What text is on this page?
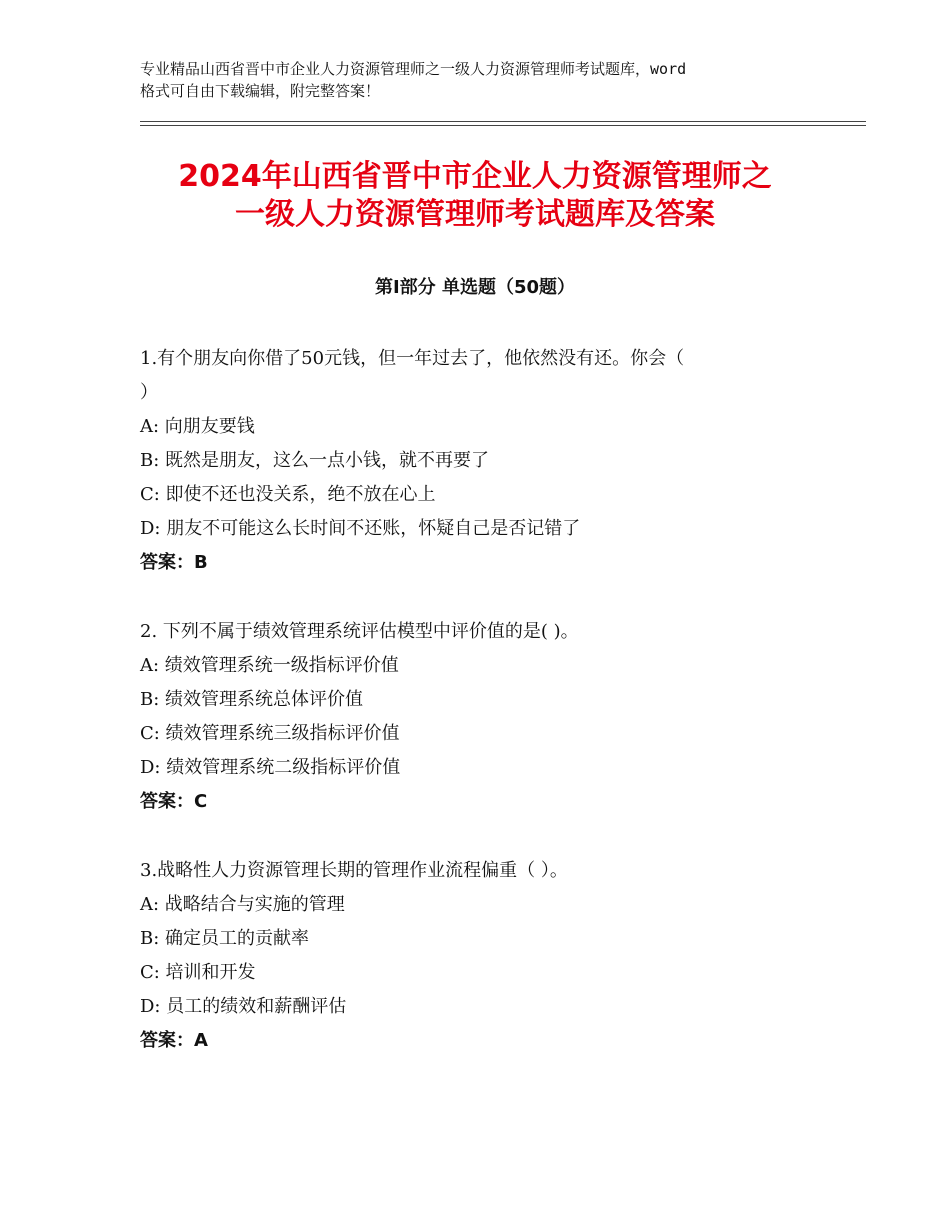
专业精品山西省晋中市企业人力资源管理师之一级人力资源管理师考试题库，word
格式可自由下载编辑，附完整答案！
2024年山西省晋中市企业人力资源管理师之
一级人力资源管理师考试题库及答案
第Ⅰ部分 单选题（50题）

1.有个朋友向你借了50元钱，但一年过去了，他依然没有还。你会（
）

A: 向朋友要钱

B: 既然是朋友，这么一点小钱，就不再要了

C: 即使不还也没关系，绝不放在心上

D: 朋友不可能这么长时间不还账，怀疑自己是否记错了

答案：B

2. 下列不属于绩效管理系统评估模型中评价值的是( )。

A: 绩效管理系统一级指标评价值

B: 绩效管理系统总体评价值

C: 绩效管理系统三级指标评价值

D: 绩效管理系统二级指标评价值

答案：C

3.战略性人力资源管理长期的管理作业流程偏重（ ）。

A: 战略结合与实施的管理

B: 确定员工的贡献率

C: 培训和开发

D: 员工的绩效和薪酬评估

答案：A
